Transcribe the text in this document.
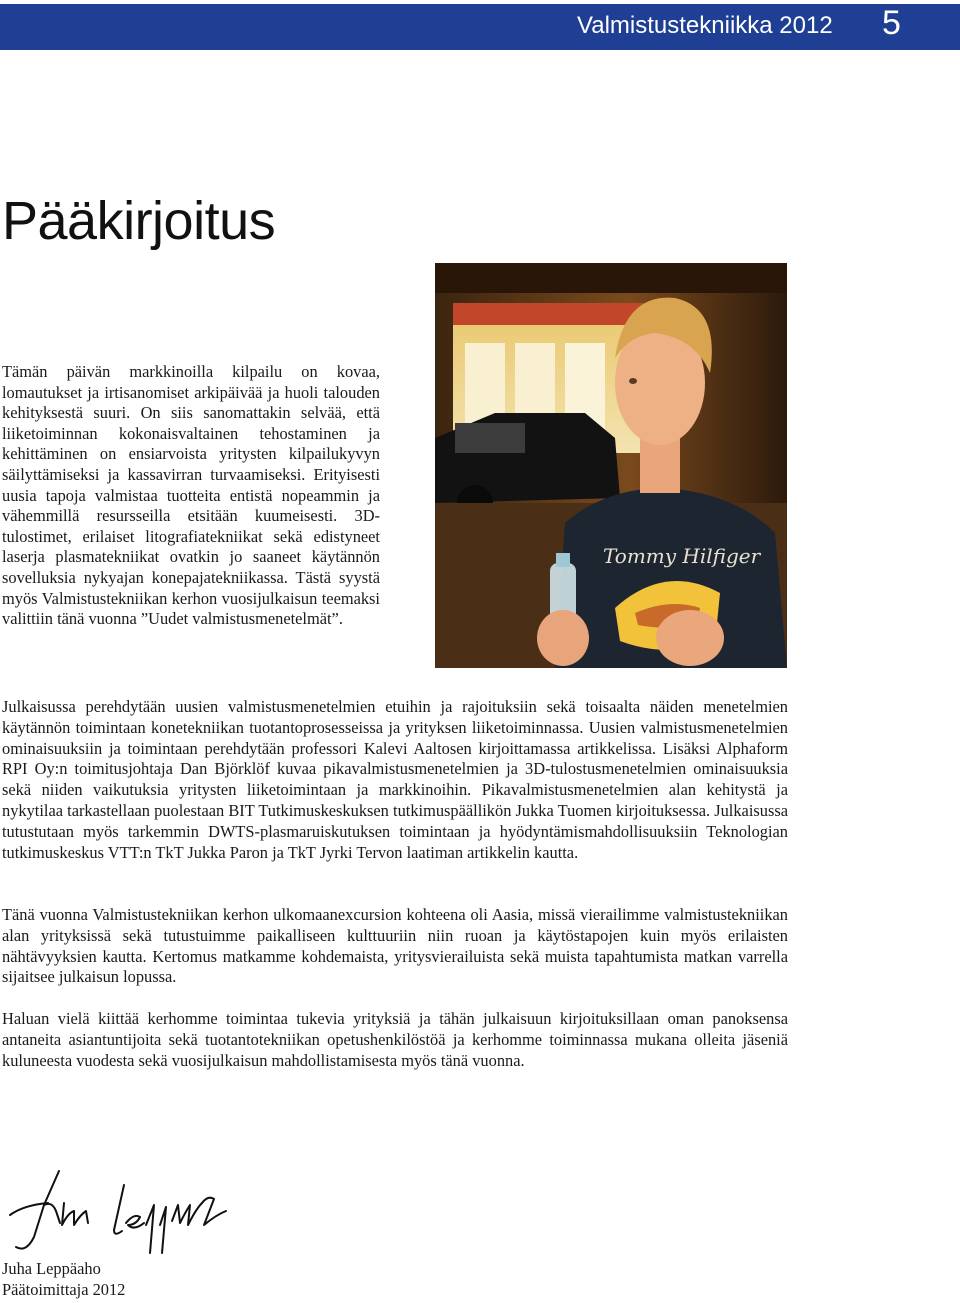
Valmistustekniikka 2012 5
Pääkirjoitus

Tämän päivän markkinoilla kilpailu on kovaa, lomautukset ja irtisanomiset arkipäivää ja huoli talouden kehityksestä suuri. On siis sanomattakin selvää, että liiketoiminnan kokonaisvaltainen tehostaminen ja kehittäminen on ensiarvoista yritysten kilpailukyvyn säilyttämiseksi ja kassavirran turvaamiseksi. Erityisesti uusia tapoja valmistaa tuotteita entistä nopeammin ja vähemmillä resursseilla etsitään kuumeisesti. 3D-tulostimet, erilaiset litografiatekniikat sekä edistyneet laserja plasmatekniikat ovatkin jo saaneet käytännön sovelluksia nykyajan konepajatekniikassa. Tästä syystä myös Valmistustekniikan kerhon vuosijulkaisun teemaksi valittiin tänä vuonna ”Uudet valmistusmenetelmät”.

Tommy Hilfiger

Julkaisussa perehdytään uusien valmistusmenetelmien etuihin ja rajoituksiin sekä toisaalta näiden menetelmien käytännön toimintaan konetekniikan tuotantoprosesseissa ja yrityksen liiketoiminnassa. Uusien valmistusmenetelmien ominaisuuksiin ja toimintaan perehdytään professori Kalevi Aaltosen kirjoittamassa artikkelissa. Lisäksi Alphaform RPI Oy:n toimitusjohtaja Dan Björklöf kuvaa pikavalmistusmenetelmien ja 3D-tulostusmenetelmien ominaisuuksia sekä niiden vaikutuksia yritysten liiketoimintaan ja markkinoihin. Pikavalmistusmenetelmien alan kehitystä ja nykytilaa tarkastellaan puolestaan BIT Tutkimuskeskuksen tutkimuspäällikön Jukka Tuomen kirjoituksessa. Julkaisussa tutustutaan myös tarkemmin DWTS-plasmaruiskutuksen toimintaan ja hyödyntämismahdollisuuksiin Teknologian tutkimuskeskus VTT:n TkT Jukka Paron ja TkT Jyrki Tervon laatiman artikkelin kautta.

Tänä vuonna Valmistustekniikan kerhon ulkomaanexcursion kohteena oli Aasia, missä vierailimme valmistustekniikan alan yrityksissä sekä tutustuimme paikalliseen kulttuuriin niin ruoan ja käytöstapojen kuin myös erilaisten nähtävyyksien kautta. Kertomus matkamme kohdemaista, yritysvierailuista sekä muista tapahtumista matkan varrella sijaitsee julkaisun lopussa.

Haluan vielä kiittää kerhomme toimintaa tukevia yrityksiä ja tähän julkaisuun kirjoituksillaan oman panoksensa antaneita asiantuntijoita sekä tuotantotekniikan opetushenkilöstöä ja kerhomme toiminnassa mukana olleita jäseniä kuluneesta vuodesta sekä vuosijulkaisun mahdollistamisesta myös tänä vuonna.

Juha Leppäaho
Päätoimittaja 2012
